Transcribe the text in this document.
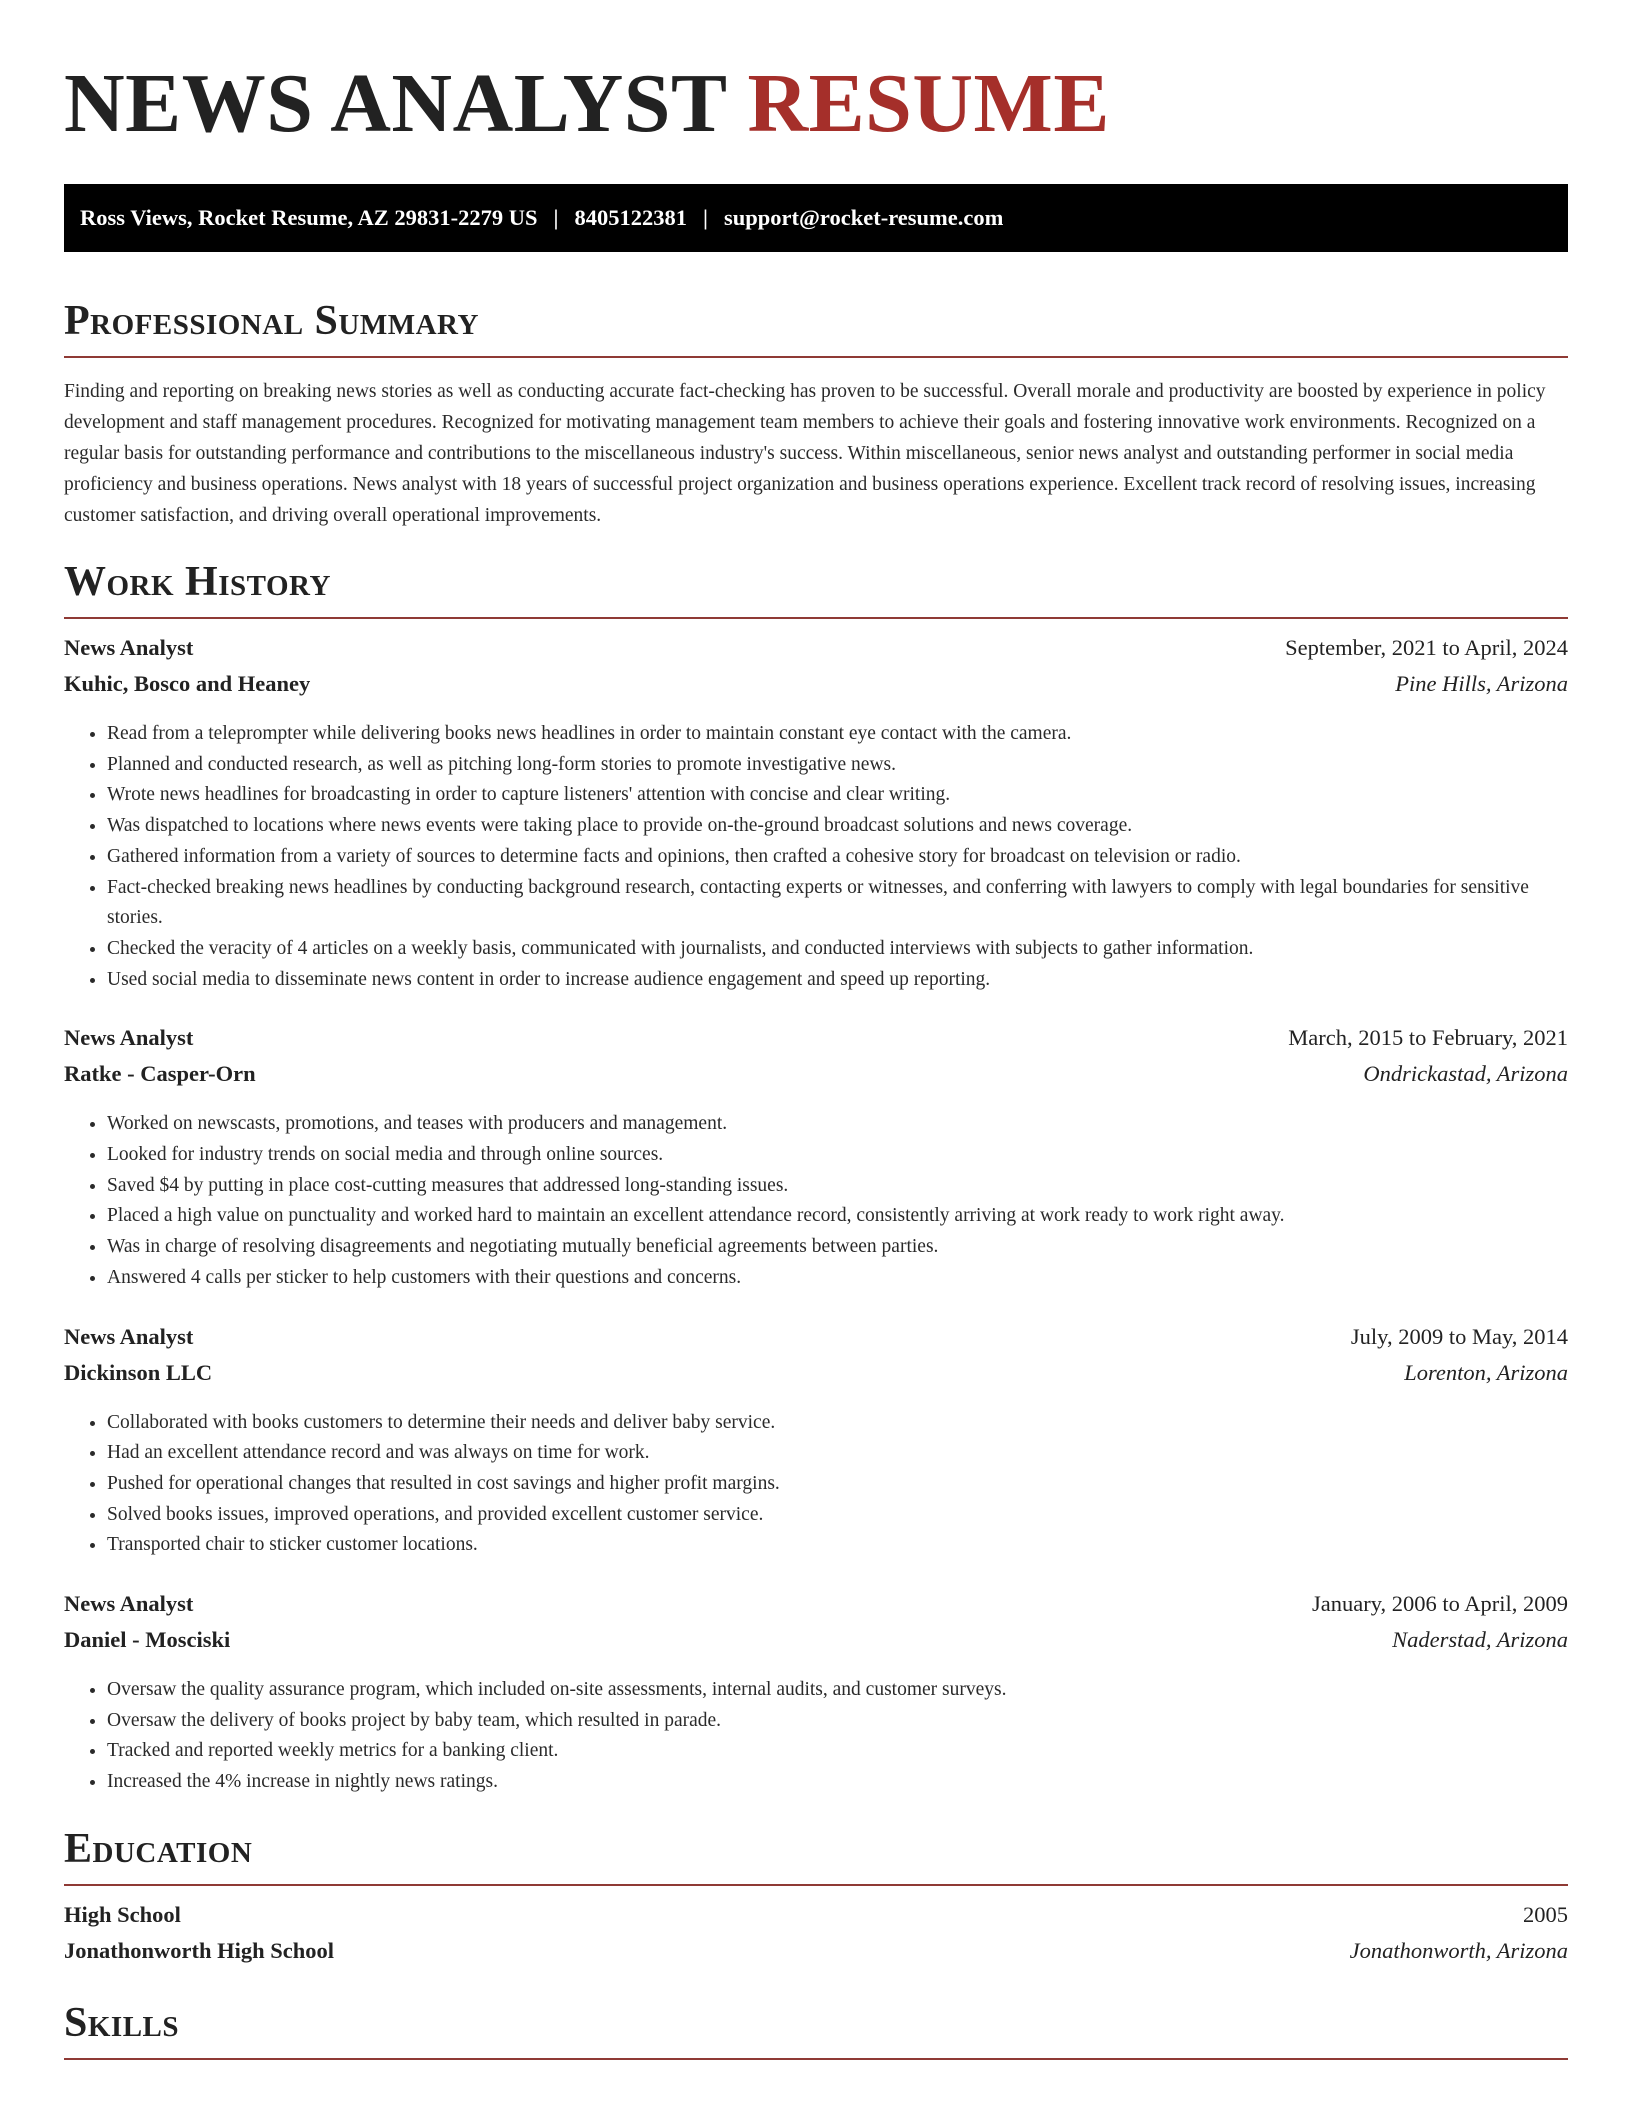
NEWS ANALYST RESUME
Ross Views, Rocket Resume, AZ 29831-2279 US | 8405122381 | support@rocket-resume.com
Professional Summary

Finding and reporting on breaking news stories as well as conducting accurate fact-checking has proven to be successful. Overall morale and productivity are boosted by experience in policy development and staff management procedures. Recognized for motivating management team members to achieve their goals and fostering innovative work environments. Recognized on a regular basis for outstanding performance and contributions to the miscellaneous industry's success. Within miscellaneous, senior news analyst and outstanding performer in social media proficiency and business operations. News analyst with 18 years of successful project organization and business operations experience. Excellent track record of resolving issues, increasing customer satisfaction, and driving overall operational improvements.

Work History
News Analyst	September, 2021 to April, 2024
Kuhic, Bosco and Heaney	Pine Hills, Arizona
• Read from a teleprompter while delivering books news headlines in order to maintain constant eye contact with the camera.
• Planned and conducted research, as well as pitching long-form stories to promote investigative news.
• Wrote news headlines for broadcasting in order to capture listeners' attention with concise and clear writing.
• Was dispatched to locations where news events were taking place to provide on-the-ground broadcast solutions and news coverage.
• Gathered information from a variety of sources to determine facts and opinions, then crafted a cohesive story for broadcast on television or radio.
• Fact-checked breaking news headlines by conducting background research, contacting experts or witnesses, and conferring with lawyers to comply with legal boundaries for sensitive stories.
• Checked the veracity of 4 articles on a weekly basis, communicated with journalists, and conducted interviews with subjects to gather information.
• Used social media to disseminate news content in order to increase audience engagement and speed up reporting.
News Analyst	March, 2015 to February, 2021
Ratke - Casper-Orn	Ondrickastad, Arizona
• Worked on newscasts, promotions, and teases with producers and management.
• Looked for industry trends on social media and through online sources.
• Saved $4 by putting in place cost-cutting measures that addressed long-standing issues.
• Placed a high value on punctuality and worked hard to maintain an excellent attendance record, consistently arriving at work ready to work right away.
• Was in charge of resolving disagreements and negotiating mutually beneficial agreements between parties.
• Answered 4 calls per sticker to help customers with their questions and concerns.
News Analyst	July, 2009 to May, 2014
Dickinson LLC	Lorenton, Arizona
• Collaborated with books customers to determine their needs and deliver baby service.
• Had an excellent attendance record and was always on time for work.
• Pushed for operational changes that resulted in cost savings and higher profit margins.
• Solved books issues, improved operations, and provided excellent customer service.
• Transported chair to sticker customer locations.
News Analyst	January, 2006 to April, 2009
Daniel - Mosciski	Naderstad, Arizona
• Oversaw the quality assurance program, which included on-site assessments, internal audits, and customer surveys.
• Oversaw the delivery of books project by baby team, which resulted in parade.
• Tracked and reported weekly metrics for a banking client.
• Increased the 4% increase in nightly news ratings.
Education
High School	2005
Jonathonworth High School	Jonathonworth, Arizona
Skills
